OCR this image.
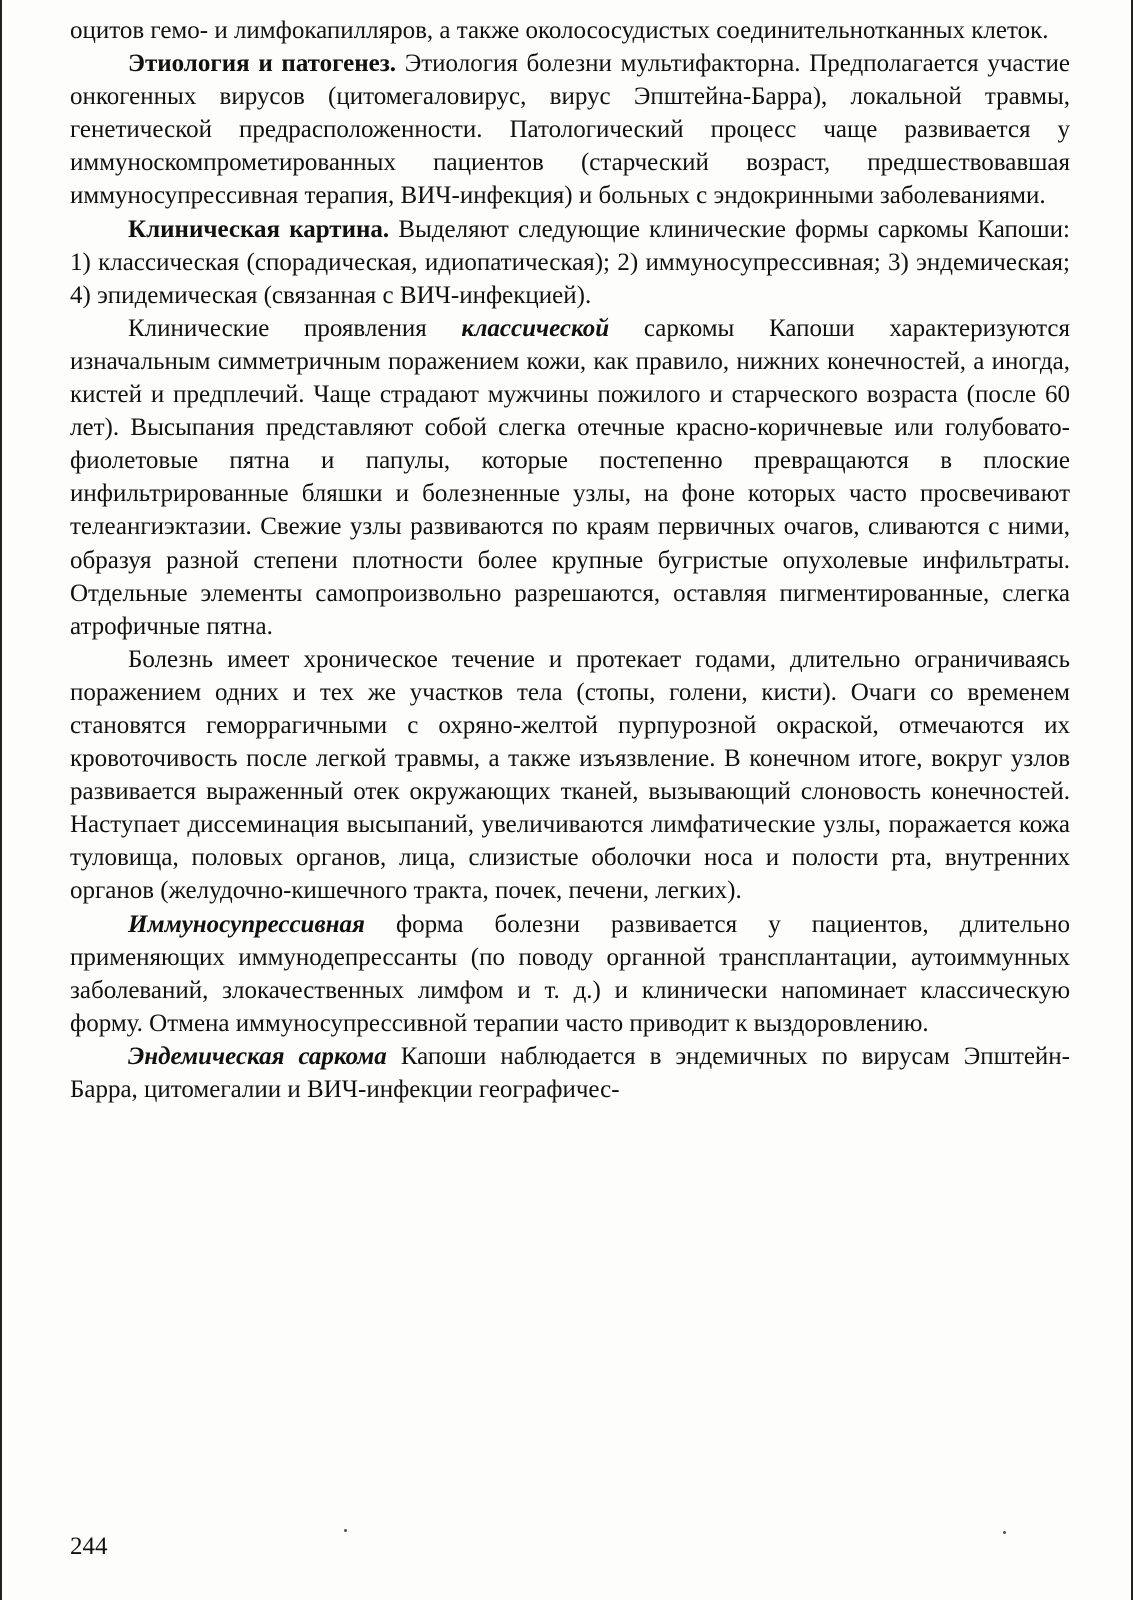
оцитов гемо- и лимфокапилляров, а также околососудистых соединительнотканных клеток.

Этиология и патогенез. Этиология болезни мультифакторна. Предполагается участие онкогенных вирусов (цитомегаловирус, вирус Эпштейна-Барра), локальной травмы, генетической предрасположенности. Патологический процесс чаще развивается у иммунoскомпрометированных пациентов (старческий возраст, предшествовавшая иммуносупрессивная терапия, ВИЧ-инфекция) и больных с эндокринными заболеваниями.

Клиническая картина. Выделяют следующие клинические формы саркомы Капоши: 1) классическая (спорадическая, идиопатическая); 2) иммуносупрессивная; 3) эндемическая; 4) эпидемическая (связанная с ВИЧ-инфекцией).

Клинические проявления классической саркомы Капоши характеризуются изначальным симметричным поражением кожи, как правило, нижних конечностей, а иногда, кистей и предплечий. Чаще страдают мужчины пожилого и старческого возраста (после 60 лет). Высыпания представляют собой слегка отечные красно-коричневые или голубовато-фиолетовые пятна и папулы, которые постепенно превращаются в плоские инфильтрированные бляшки и болезненные узлы, на фоне которых часто просвечивают телеангиэктазии. Свежие узлы развиваются по краям первичных очагов, сливаются с ними, образуя разной степени плотности более крупные бугристые опухолевые инфильтраты. Отдельные элементы самопроизвольно разрешаются, оставляя пигментированные, слегка атрофичные пятна.

Болезнь имеет хроническое течение и протекает годами, длительно ограничиваясь поражением одних и тех же участков тела (стопы, голени, кисти). Очаги со временем становятся геморрагичными с охряно-желтой пурпурозной окраской, отмечаются их кровоточивость после легкой травмы, а также изъязвление. В конечном итоге, вокруг узлов развивается выраженный отек окружающих тканей, вызывающий слоновость конечностей. Наступает диссеминация высыпаний, увеличиваются лимфатические узлы, поражается кожа туловища, половых органов, лица, слизистые оболочки носа и полости рта, внутренних органов (желудочно-кишечного тракта, почек, печени, легких).

Иммуносупрессивная форма болезни развивается у пациентов, длительно применяющих иммунодепрессанты (по поводу органной трансплантации, аутоиммунных заболеваний, злокачественных лимфом и т. д.) и клинически напоминает классическую форму. Отмена иммуносупрессивной терапии часто приводит к выздоровлению.

Эндемическая саркома Капоши наблюдается в эндемичных по вирусам Эпштейн-Барра, цитомегалии и ВИЧ-инфекции географичес-

244
